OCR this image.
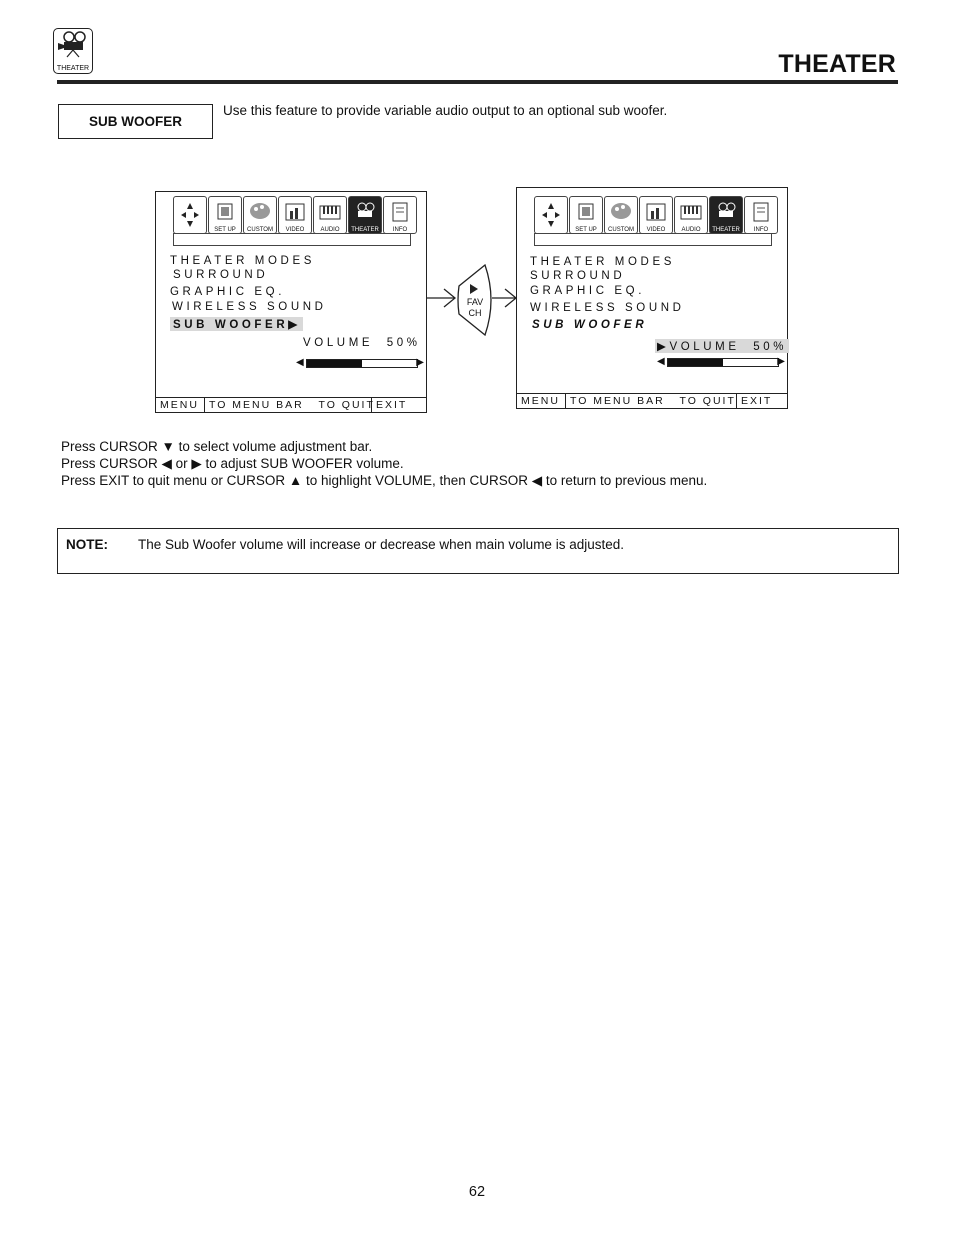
THEATER	THEATER
SUB WOOFER
Use this feature to provide variable audio output to an optional sub woofer.
SET UP	CUSTOM	VIDEO	AUDIO	THEATER	INFO
THEATER MODES
SURROUND
GRAPHIC EQ.
WIRELESS SOUND
SUB WOOFER▶
VOLUME 50%
◀	▶
MENU TO MENU BAR
TO QUIT EXIT
FAV
CH
SET UP	CUSTOM	VIDEO	AUDIO	THEATER	INFO
THEATER MODES
SURROUND
GRAPHIC EQ.
WIRELESS SOUND
SUB WOOFER
▶VOLUME 50%
◀	▶
MENU TO MENU BAR
TO QUIT EXIT
Press CURSOR ▼ to select volume adjustment bar.
Press CURSOR ◀ or ▶ to adjust SUB WOOFER volume.
Press EXIT to quit menu or CURSOR ▲ to highlight VOLUME, then CURSOR ◀ to return to previous menu.
NOTE: The Sub Woofer volume will increase or decrease when main volume is adjusted.
62
